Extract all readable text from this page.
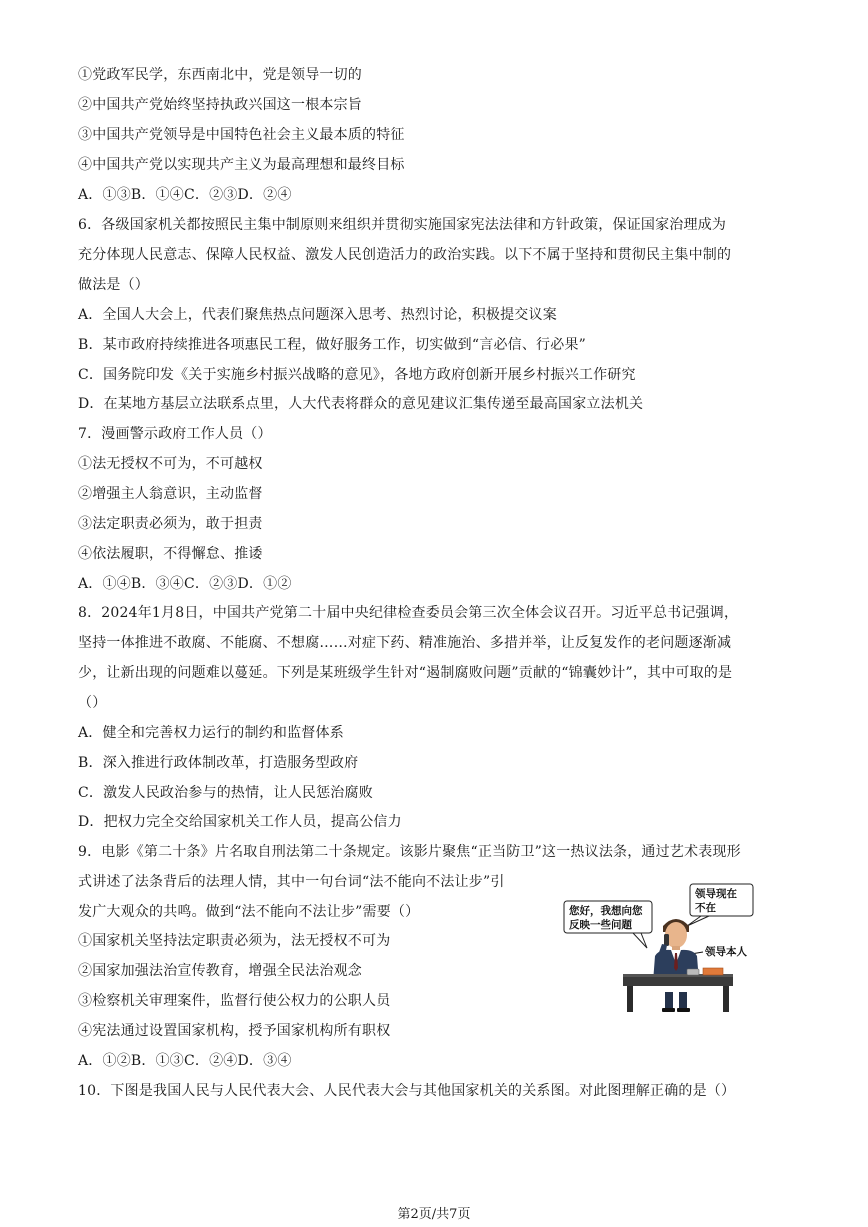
①党政军民学，东西南北中，党是领导一切的
②中国共产党始终坚持执政兴国这一根本宗旨
③中国共产党领导是中国特色社会主义最本质的特征
④中国共产党以实现共产主义为最高理想和最终目标
A．①③B．①④C．②③D．②④
6．各级国家机关都按照民主集中制原则来组织并贯彻实施国家宪法法律和方针政策，保证国家治理成为
充分体现人民意志、保障人民权益、激发人民创造活力的政治实践。以下不属于坚持和贯彻民主集中制的
做法是（）
A．全国人大会上，代表们聚焦热点问题深入思考、热烈讨论，积极提交议案
B．某市政府持续推进各项惠民工程，做好服务工作，切实做到“言必信、行必果”
C．国务院印发《关于实施乡村振兴战略的意见》，各地方政府创新开展乡村振兴工作研究
D．在某地方基层立法联系点里，人大代表将群众的意见建议汇集传递至最高国家立法机关
7．漫画警示政府工作人员（）
①法无授权不可为，不可越权
②增强主人翁意识，主动监督
③法定职责必须为，敢于担责
④依法履职，不得懈怠、推诿
A．①④B．③④C．②③D．①②
8．2024年1月8日，中国共产党第二十届中央纪律检查委员会第三次全体会议召开。习近平总书记强调，
坚持一体推进不敢腐、不能腐、不想腐……对症下药、精准施治、多措并举，让反复发作的老问题逐渐减
少，让新出现的问题难以蔓延。下列是某班级学生针对“遏制腐败问题”贡献的“锦囊妙计”，其中可取的是
（）
A．健全和完善权力运行的制约和监督体系
B．深入推进行政体制改革，打造服务型政府
C．激发人民政治参与的热情，让人民惩治腐败
D．把权力完全交给国家机关工作人员，提高公信力
9．电影《第二十条》片名取自刑法第二十条规定。该影片聚焦“正当防卫”这一热议法条，通过艺术表现形
式讲述了法条背后的法理人情，其中一句台词“法不能向不法让步”引
发广大观众的共鸣。做到“法不能向不法让步”需要（）
①国家机关坚持法定职责必须为，法无授权不可为
②国家加强法治宣传教育，增强全民法治观念
③检察机关审理案件，监督行使公权力的公职人员
④宪法通过设置国家机构，授予国家机构所有职权
A．①②B．①③C．②④D．③④
10．下图是我国人民与人民代表大会、人民代表大会与其他国家机关的关系图。对此图理解正确的是（）
您好，我想向您
反映一些问题
领导现在
不在
领导本人
第2页/共7页
